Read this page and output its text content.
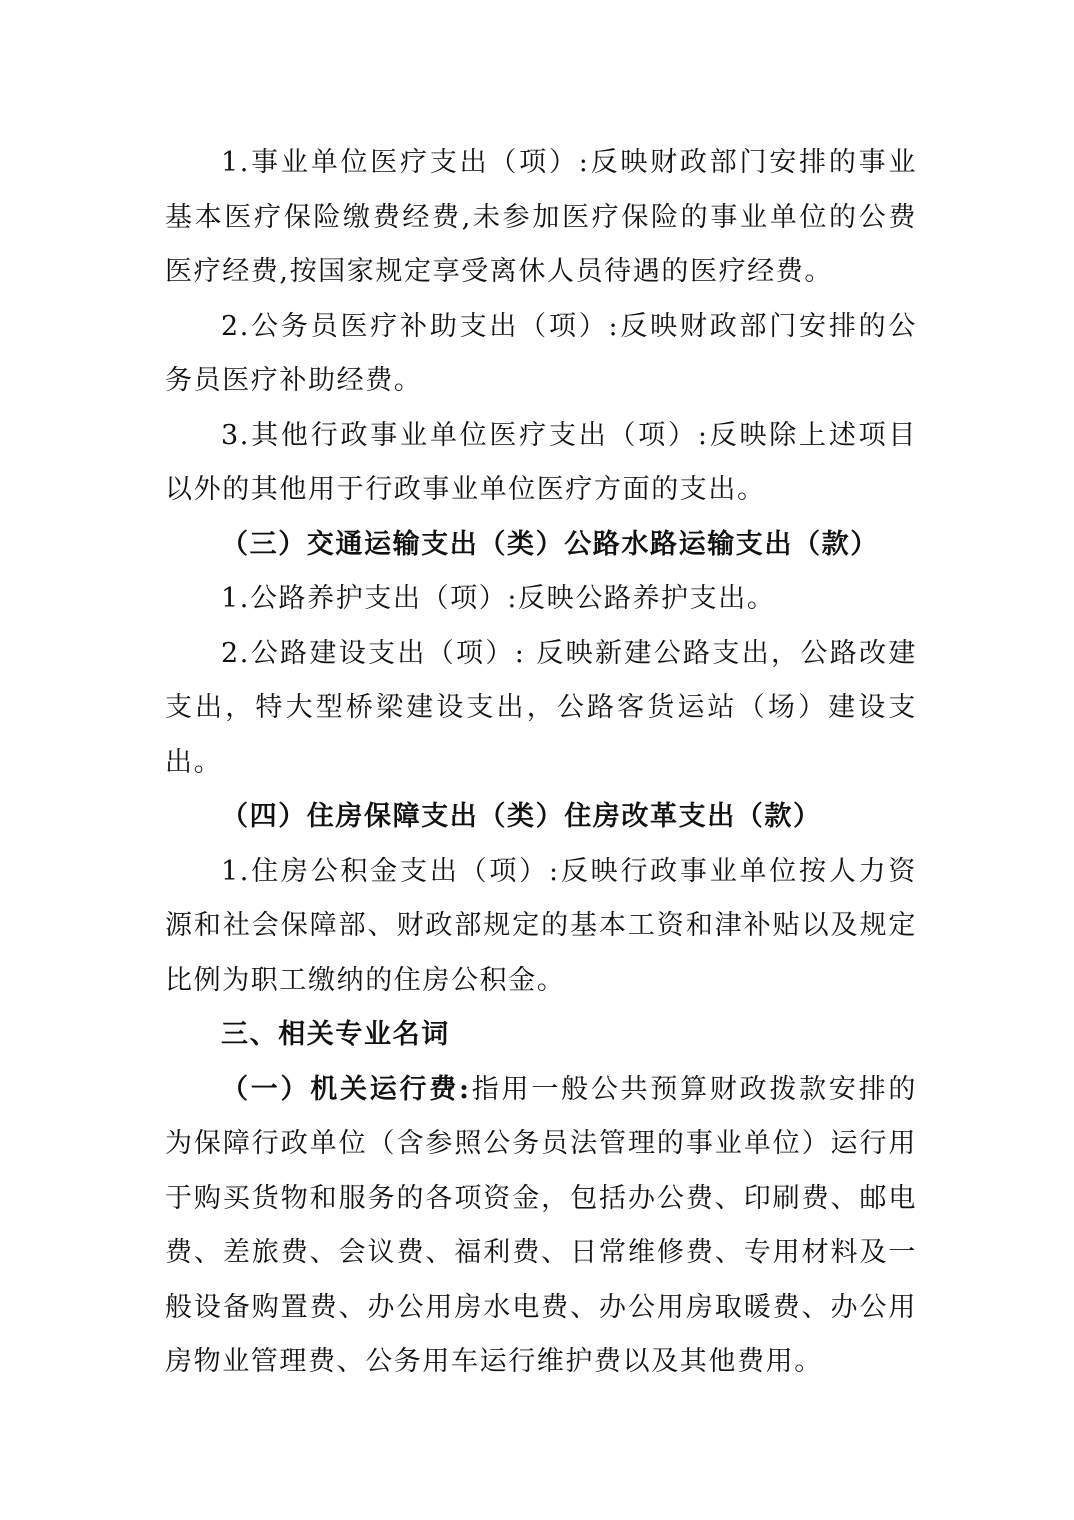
1.事业单位医疗支出（项）:反映财政部门安排的事业基本医疗保险缴费经费,未参加医疗保险的事业单位的公费医疗经费,按国家规定享受离休人员待遇的医疗经费。

2.公务员医疗补助支出（项）:反映财政部门安排的公务员医疗补助经费。

3.其他行政事业单位医疗支出（项）:反映除上述项目以外的其他用于行政事业单位医疗方面的支出。

（三）交通运输支出（类）公路水路运输支出（款）

1.公路养护支出（项）:反映公路养护支出。

2.公路建设支出（项）: 反映新建公路支出，公路改建支出，特大型桥梁建设支出，公路客货运站（场）建设支出。

（四）住房保障支出（类）住房改革支出（款）

1.住房公积金支出（项）:反映行政事业单位按人力资源和社会保障部、财政部规定的基本工资和津补贴以及规定比例为职工缴纳的住房公积金。

三、相关专业名词

（一）机关运行费:指用一般公共预算财政拨款安排的为保障行政单位（含参照公务员法管理的事业单位）运行用于购买货物和服务的各项资金，包括办公费、印刷费、邮电费、差旅费、会议费、福利费、日常维修费、专用材料及一般设备购置费、办公用房水电费、办公用房取暖费、办公用房物业管理费、公务用车运行维护费以及其他费用。
